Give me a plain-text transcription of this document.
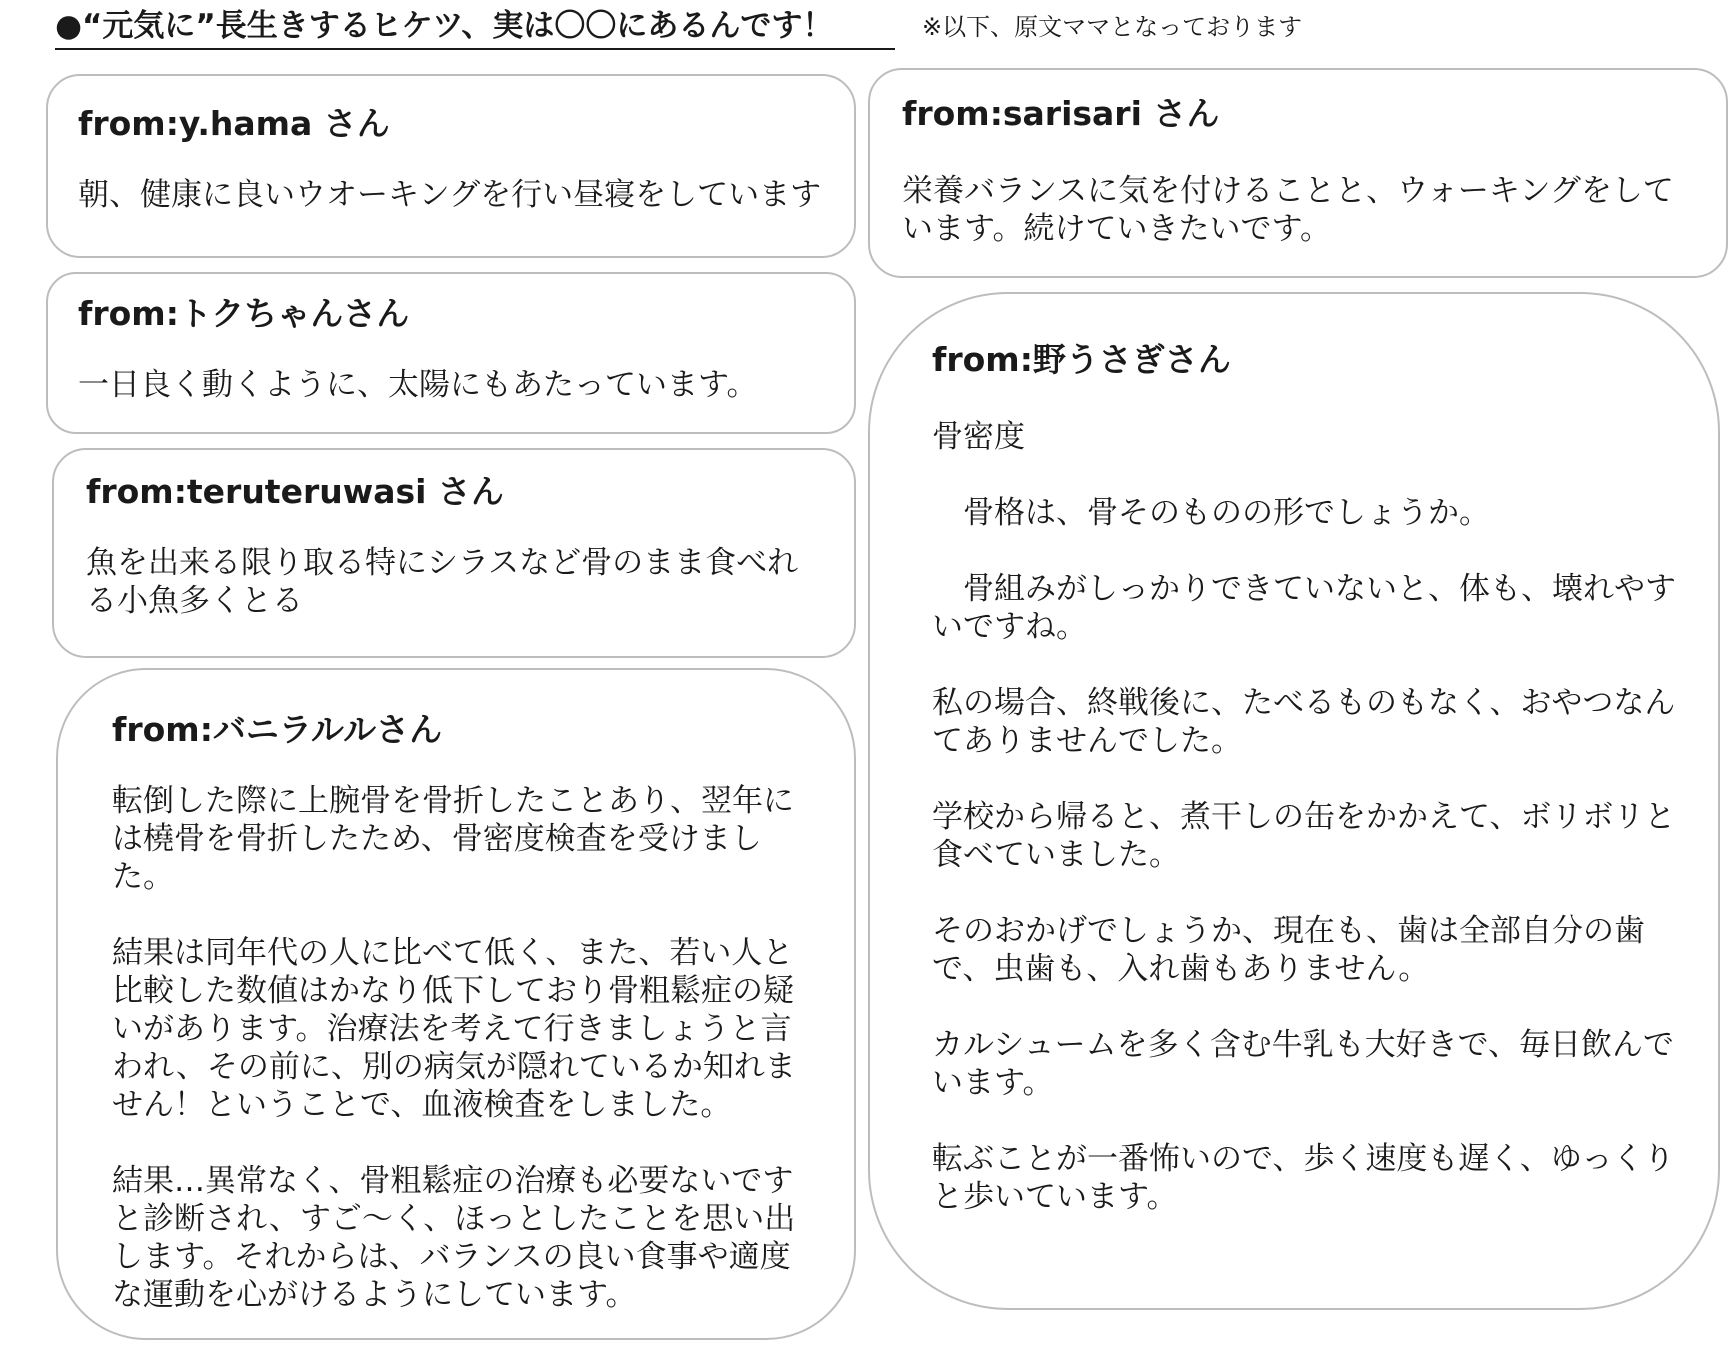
●“元気に”長生きするヒケツ、実は〇〇にあるんです！	※以下、原文ママとなっております
from:y.hama さん

朝、健康に良いウオーキングを行い昼寝をしています

from:トクちゃんさん

一日良く動くように、太陽にもあたっています。

from:teruteruwasi さん

魚を出来る限り取る特にシラスなど骨のまま食べれる小魚多くとる

from:バニラルルさん

転倒した際に上腕骨を骨折したことあり、翌年には橈骨を骨折したため、骨密度検査を受けました。

結果は同年代の人に比べて低く、また、若い人と比較した数値はかなり低下しており骨粗鬆症の疑いがあります。治療法を考えて行きましょうと言われ、その前に、別の病気が隠れているか知れません！ということで、血液検査をしました。

結果…異常なく、骨粗鬆症の治療も必要ないですと診断され、すご～く、ほっとしたことを思い出します。それからは、バランスの良い食事や適度な運動を心がけるようにしています。

from:sarisari さん

栄養バランスに気を付けることと、ウォーキングをしています。続けていきたいです。

from:野うさぎさん

骨密度

骨格は、骨そのものの形でしょうか。

骨組みがしっかりできていないと、体も、壊れやすいですね。

私の場合、終戦後に、たべるものもなく、おやつなんてありませんでした。

学校から帰ると、煮干しの缶をかかえて、ボリボリと食べていました。

そのおかげでしょうか、現在も、歯は全部自分の歯で、虫歯も、入れ歯もありません。

カルシュームを多く含む牛乳も大好きで、毎日飲んでいます。

転ぶことが一番怖いので、歩く速度も遅く、ゆっくりと歩いています。
